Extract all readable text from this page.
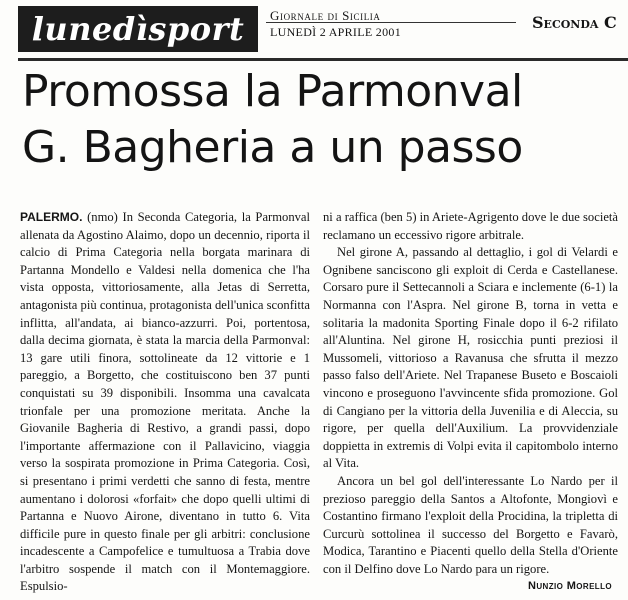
lunedìsport	Giornale di Sicilia
LUNEDÌ 2 APRILE 2001	Seconda C
Promossa la Parmonval
G. Bagheria a un passo

PALERMO. (nmo) In Seconda Categoria, la Parmonval allenata da Agostino Alaimo, dopo un decennio, riporta il calcio di Prima Categoria nella borgata marinara di Partanna Mondello e Valdesi nella domenica che l'ha vista opposta, vittoriosamente, alla Jetas di Serretta, antagonista più continua, protagonista dell'unica sconfitta inflitta, all'andata, ai bianco-azzurri. Poi, portentosa, dalla decima giornata, è stata la marcia della Parmonval: 13 gare utili finora, sottolineate da 12 vittorie e 1 pareggio, a Borgetto, che costituiscono ben 37 punti conquistati su 39 disponibili. Insomma una cavalcata trionfale per una promozione meritata. Anche la Giovanile Bagheria di Restivo, a grandi passi, dopo l'importante affermazione con il Pallavicino, viaggia verso la sospirata promozione in Prima Categoria. Così, si presentano i primi verdetti che sanno di festa, mentre aumentano i dolorosi «forfait» che dopo quelli ultimi di Partanna e Nuovo Airone, diventano in tutto 6. Vita difficile pure in questo finale per gli arbitri: conclusione incadescente a Campofelice e tumultuosa a Trabia dove l'arbitro sospende il match con il Montemaggiore. Espulsio-

ni a raffica (ben 5) in Ariete-Agrigento dove le due società reclamano un eccessivo rigore arbitrale.

Nel girone A, passando al dettaglio, i gol di Velardi e Ognibene sanciscono gli exploit di Cerda e Castellanese. Corsaro pure il Settecannoli a Sciara e inclemente (6-1) la Normanna con l'Aspra. Nel girone B, torna in vetta e solitaria la madonita Sporting Finale dopo il 6-2 rifilato all'Aluntina. Nel girone H, rosicchia punti preziosi il Mussomeli, vittorioso a Ravanusa che sfrutta il mezzo passo falso dell'Ariete. Nel Trapanese Buseto e Boscaioli vincono e proseguono l'avvincente sfida promozione. Gol di Cangiano per la vittoria della Juvenilia e di Aleccia, su rigore, per quella dell'Auxilium. La provvidenziale doppietta in extremis di Volpi evita il capitombolo interno al Vita.

Ancora un bel gol dell'interessante Lo Nardo per il prezioso pareggio della Santos a Altofonte, Mongiovì e Costantino firmano l'exploit della Procidina, la tripletta di Curcurù sottolinea il successo del Borgetto e Favarò, Modica, Tarantino e Piacenti quello della Stella d'Oriente con il Delfino dove Lo Nardo para un rigore.

Nunzio Morello
